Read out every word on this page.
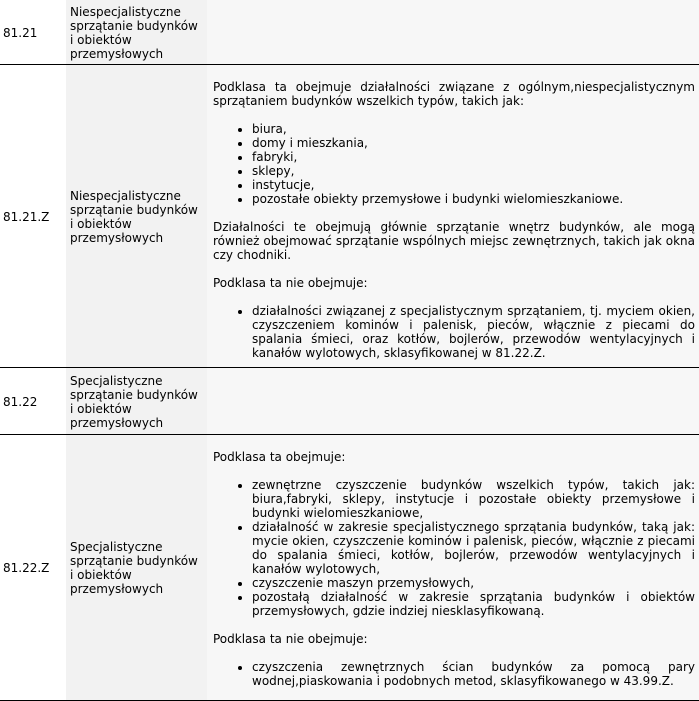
81.21
Niespecjalistyczne sprzątanie budynków i obiektów przemysłowych
81.21.Z
Niespecjalistyczne sprzątanie budynków i obiektów przemysłowych

Podklasa ta obejmuje działalności związane z ogólnym,niespecjalistycznym sprzątaniem budynków wszelkich typów, takich jak:

• biura,
• domy i mieszkania,
• fabryki,
• sklepy,
• instytucje,
• pozostałe obiekty przemysłowe i budynki wielomieszkaniowe.

Działalności te obejmują głównie sprzątanie wnętrz budynków, ale mogą również obejmować sprzątanie wspólnych miejsc zewnętrznych, takich jak okna czy chodniki.

Podklasa ta nie obejmuje:

• działalności związanej z specjalistycznym sprzątaniem, tj. myciem okien, czyszczeniem kominów i palenisk, pieców, włącznie z piecami do spalania śmieci, oraz kotłów, bojlerów, przewodów wentylacyjnych i kanałów wylotowych, sklasyfikowanej w 81.22.Z.
81.22
Specjalistyczne sprzątanie budynków i obiektów przemysłowych
81.22.Z
Specjalistyczne sprzątanie budynków i obiektów przemysłowych

Podklasa ta obejmuje:

• zewnętrzne czyszczenie budynków wszelkich typów, takich jak: biura,fabryki, sklepy, instytucje i pozostałe obiekty przemysłowe i budynki wielomieszkaniowe,
• działalność w zakresie specjalistycznego sprzątania budynków, taką jak: mycie okien, czyszczenie kominów i palenisk, pieców, włącznie z piecami do spalania śmieci, kotłów, bojlerów, przewodów wentylacyjnych i kanałów wylotowych,
• czyszczenie maszyn przemysłowych,
• pozostałą działalność w zakresie sprzątania budynków i obiektów przemysłowych, gdzie indziej niesklasyfikowaną.

Podklasa ta nie obejmuje:

• czyszczenia zewnętrznych ścian budynków za pomocą pary wodnej,piaskowania i podobnych metod, sklasyfikowanego w 43.99.Z.
